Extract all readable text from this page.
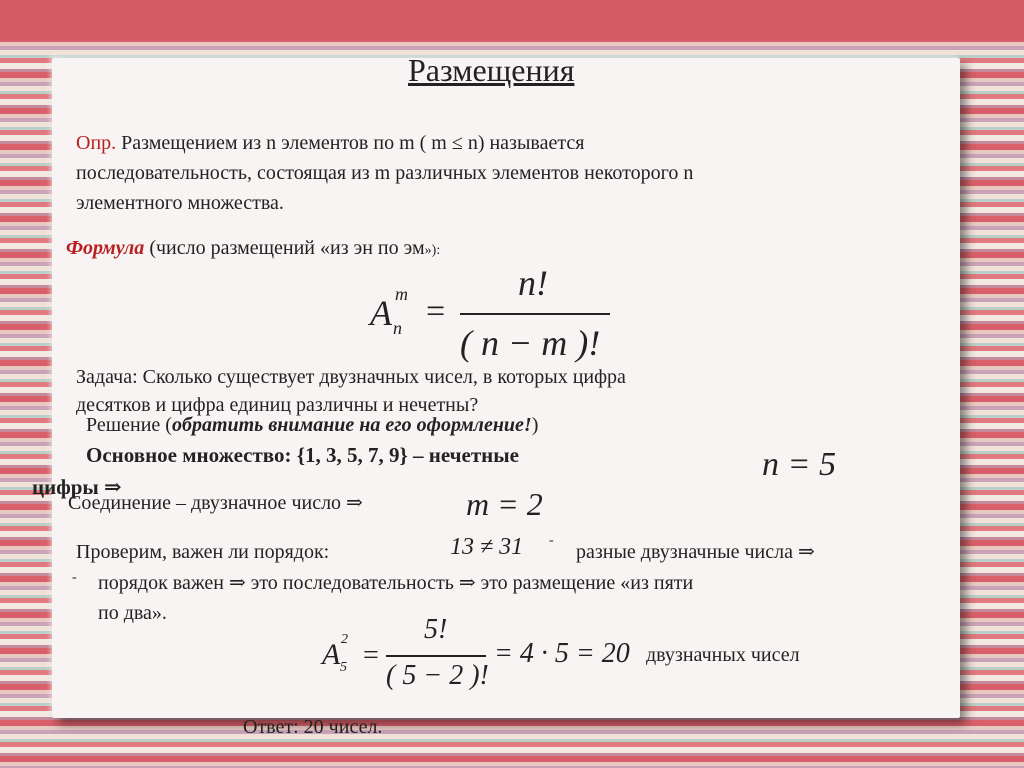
Размещения
Опр. Размещением из n элементов по m ( m ≤ n) называется
последовательность, состоящая из m различных элементов некоторого n
элементного множества.
Формула (число размещений «из эн по эм»):
A m
n =
n!
( n − m )!
Задача: Сколько существует двузначных чисел, в которых цифра
десятков и цифра единиц различны и нечетны?
Решение (обратить внимание на его оформление!)
Основное множество: {1, 3, 5, 7, 9} – нечетные
цифры ⇒
n = 5
Соединение – двузначное число ⇒	m = 2
Проверим, важен ли порядок:	13 ≠ 31 -
разные двузначные числа ⇒
- порядок важен ⇒ это последовательность ⇒ это размещение «из пяти
по два».
A 2
5 =
5!
( 5 − 2 )!
= 4 · 5 = 20 двузначных чисел
Ответ: 20 чисел.
